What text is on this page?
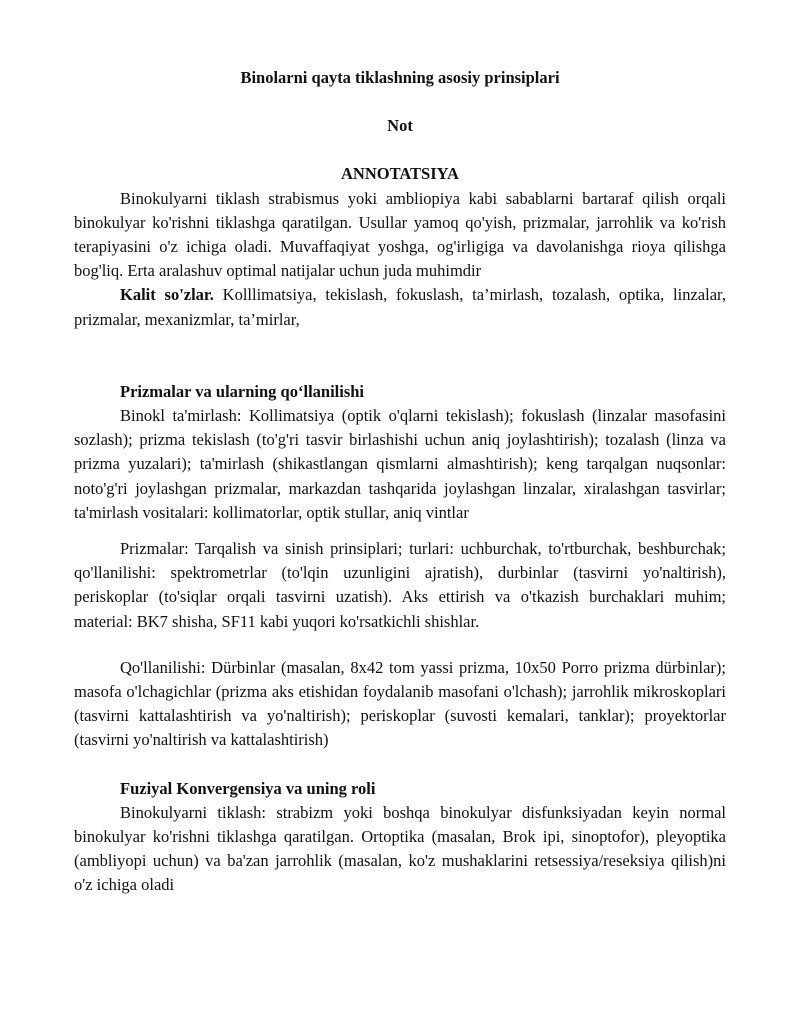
Binolarni qayta tiklashning asosiy prinsiplari

Not

ANNOTATSIYA

Binokulyarni tiklash strabismus yoki ambliopiya kabi sabablarni bartaraf qilish orqali binokulyar ko'rishni tiklashga qaratilgan. Usullar yamoq qo'yish, prizmalar, jarrohlik va ko'rish terapiyasini o'z ichiga oladi. Muvaffaqiyat yoshga, og'irligiga va davolanishga rioya qilishga bog'liq. Erta aralashuv optimal natijalar uchun juda muhimdir

Kalit so'zlar. Kolllimatsiya, tekislash, fokuslash, ta’mirlash, tozalash, optika, linzalar, prizmalar, mexanizmlar, ta’mirlar,

Prizmalar va ularning qo‘llanilishi

Binokl ta'mirlash: Kollimatsiya (optik o'qlarni tekislash); fokuslash (linzalar masofasini sozlash); prizma tekislash (to'g'ri tasvir birlashishi uchun aniq joylashtirish); tozalash (linza va prizma yuzalari); ta'mirlash (shikastlangan qismlarni almashtirish); keng tarqalgan nuqsonlar: noto'g'ri joylashgan prizmalar, markazdan tashqarida joylashgan linzalar, xiralashgan tasvirlar; ta'mirlash vositalari: kollimatorlar, optik stullar, aniq vintlar

Prizmalar: Tarqalish va sinish prinsiplari; turlari: uchburchak, to'rtburchak, beshburchak; qo'llanilishi: spektrometrlar (to'lqin uzunligini ajratish), durbinlar (tasvirni yo'naltirish), periskoplar (to'siqlar orqali tasvirni uzatish). Aks ettirish va o'tkazish burchaklari muhim; material: BK7 shisha, SF11 kabi yuqori ko'rsatkichli shishlar.

Qo'llanilishi: Dürbinlar (masalan, 8x42 tom yassi prizma, 10x50 Porro prizma dürbinlar); masofa o'lchagichlar (prizma aks etishidan foydalanib masofani o'lchash); jarrohlik mikroskoplari (tasvirni kattalashtirish va yo'naltirish); periskoplar (suvosti kemalari, tanklar); proyektorlar (tasvirni yo'naltirish va kattalashtirish)

Fuziyal Konvergensiya va uning roli

Binokulyarni tiklash: strabizm yoki boshqa binokulyar disfunksiyadan keyin normal binokulyar ko'rishni tiklashga qaratilgan. Ortoptika (masalan, Brok ipi, sinoptofor), pleyoptika (ambliyopi uchun) va ba'zan jarrohlik (masalan, ko'z mushaklarini retsessiya/reseksiya qilish)ni o'z ichiga oladi
